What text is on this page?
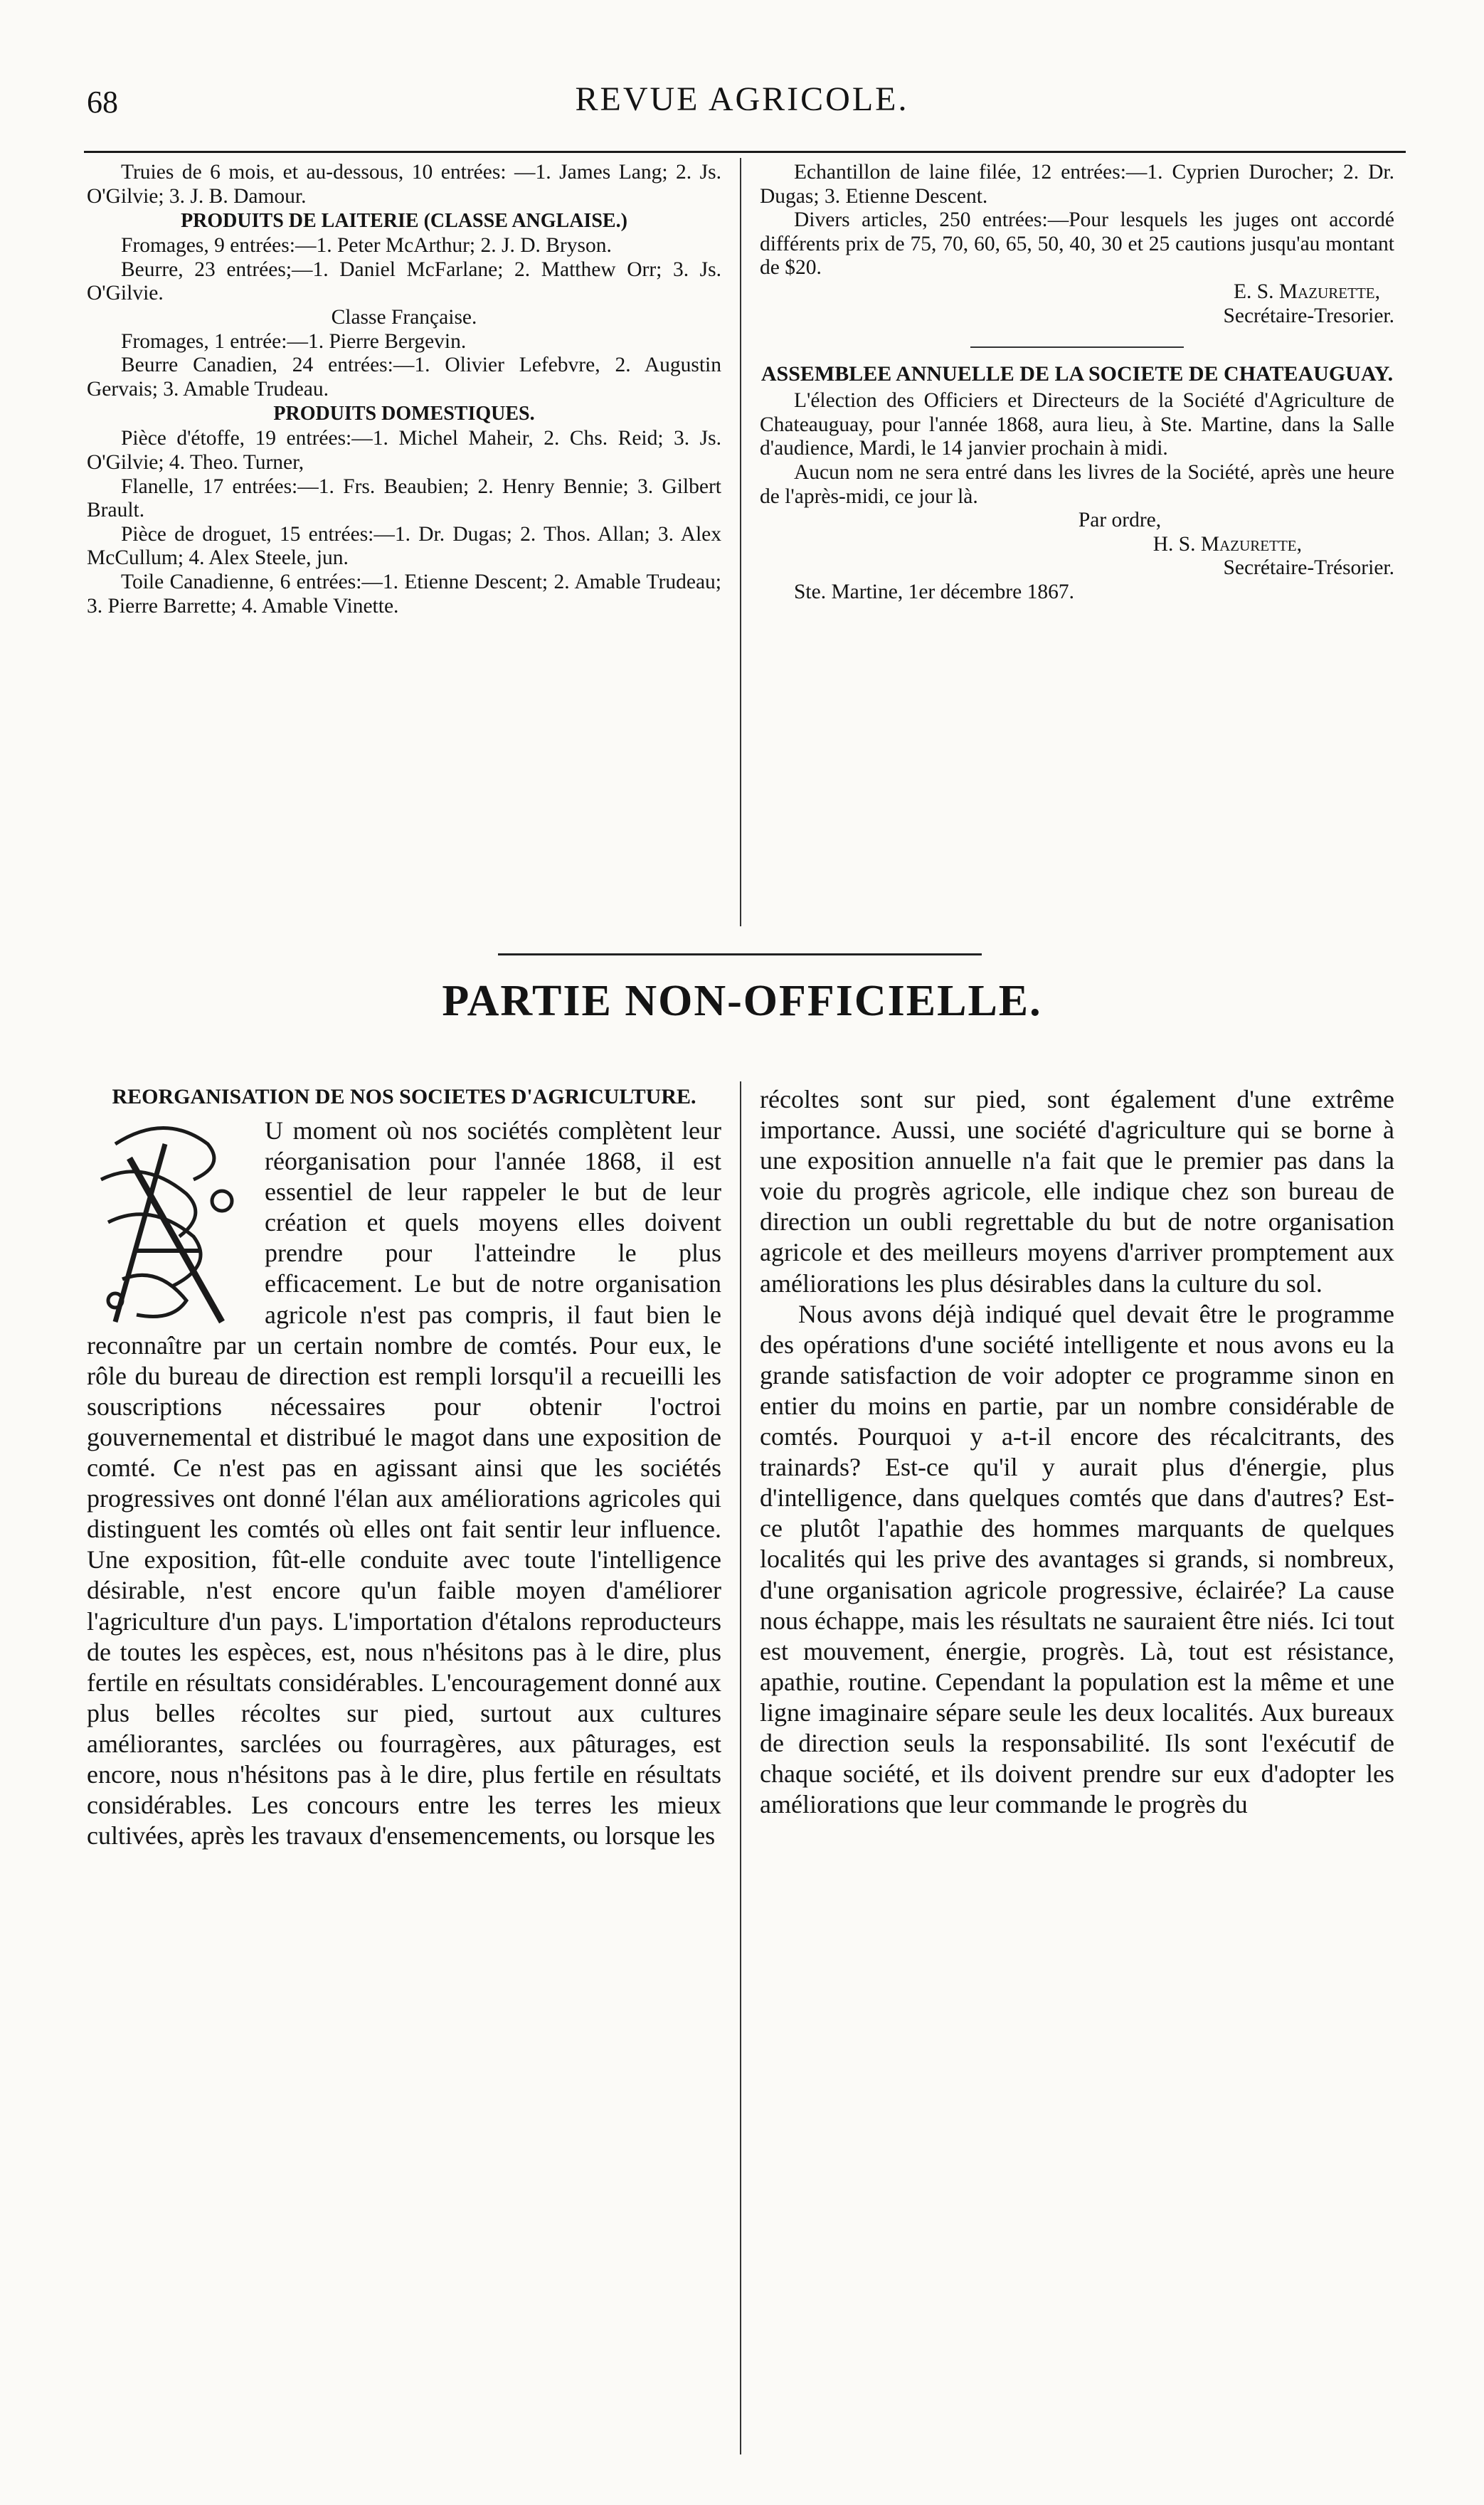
68	REVUE AGRICOLE.

Truies de 6 mois, et au-dessous, 10 entrées: —1. James Lang; 2. Js. O'Gilvie; 3. J. B. Damour.

PRODUITS DE LAITERIE (CLASSE ANGLAISE.)

Fromages, 9 entrées:—1. Peter McArthur; 2. J. D. Bryson.

Beurre, 23 entrées;—1. Daniel McFarlane; 2. Matthew Orr; 3. Js. O'Gilvie.

Classe Française.

Fromages, 1 entrée:—1. Pierre Bergevin.

Beurre Canadien, 24 entrées:—1. Olivier Lefebvre, 2. Augustin Gervais; 3. Amable Trudeau.

PRODUITS DOMESTIQUES.

Pièce d'étoffe, 19 entrées:—1. Michel Maheir, 2. Chs. Reid; 3. Js. O'Gilvie; 4. Theo. Turner,

Flanelle, 17 entrées:—1. Frs. Beaubien; 2. Henry Bennie; 3. Gilbert Brault.

Pièce de droguet, 15 entrées:—1. Dr. Dugas; 2. Thos. Allan; 3. Alex McCullum; 4. Alex Steele, jun.

Toile Canadienne, 6 entrées:—1. Etienne Descent; 2. Amable Trudeau; 3. Pierre Barrette; 4. Amable Vinette.

Echantillon de laine filée, 12 entrées:—1. Cyprien Durocher; 2. Dr. Dugas; 3. Etienne Descent.

Divers articles, 250 entrées:—Pour lesquels les juges ont accordé différents prix de 75, 70, 60, 65, 50, 40, 30 et 25 cautions jusqu'au montant de $20.

E. S. Mazurette,

Secrétaire-Tresorier.

ASSEMBLEE ANNUELLE DE LA SOCIETE DE CHATEAUGUAY.

L'élection des Officiers et Directeurs de la Société d'Agriculture de Chateauguay, pour l'année 1868, aura lieu, à Ste. Martine, dans la Salle d'audience, Mardi, le 14 janvier prochain à midi.

Aucun nom ne sera entré dans les livres de la Société, après une heure de l'après-midi, ce jour là.

Par ordre,

H. S. Mazurette,

Secrétaire-Trésorier.

Ste. Martine, 1er décembre 1867.

PARTIE NON-OFFICIELLE.
REORGANISATION DE NOS SOCIETES D'AGRICULTURE.

U moment où nos sociétés complètent leur réorganisation pour l'année 1868, il est essentiel de leur rappeler le but de leur création et quels moyens elles doivent prendre pour l'atteindre le plus efficacement. Le but de notre organisation agricole n'est pas compris, il faut bien le reconnaître par un certain nombre de comtés. Pour eux, le rôle du bureau de direction est rempli lorsqu'il a recueilli les souscriptions nécessaires pour obtenir l'octroi gouvernemental et distribué le magot dans une exposition de comté. Ce n'est pas en agissant ainsi que les sociétés progressives ont donné l'élan aux améliorations agricoles qui distinguent les comtés où elles ont fait sentir leur influence. Une exposition, fût-elle conduite avec toute l'intelligence désirable, n'est encore qu'un faible moyen d'améliorer l'agriculture d'un pays. L'importation d'étalons reproducteurs de toutes les espèces, est, nous n'hésitons pas à le dire, plus fertile en résultats considérables. L'encouragement donné aux plus belles récoltes sur pied, surtout aux cultures améliorantes, sarclées ou fourragères, aux pâturages, est encore, nous n'hésitons pas à le dire, plus fertile en résultats considérables. Les concours entre les terres les mieux cultivées, après les travaux d'ensemencements, ou lorsque les

récoltes sont sur pied, sont également d'une extrême importance. Aussi, une société d'agriculture qui se borne à une exposition annuelle n'a fait que le premier pas dans la voie du progrès agricole, elle indique chez son bureau de direction un oubli regrettable du but de notre organisation agricole et des meilleurs moyens d'arriver promptement aux améliorations les plus désirables dans la culture du sol.

Nous avons déjà indiqué quel devait être le programme des opérations d'une société intelligente et nous avons eu la grande satisfaction de voir adopter ce programme sinon en entier du moins en partie, par un nombre considérable de comtés. Pourquoi y a-t-il encore des récalcitrants, des trainards? Est-ce qu'il y aurait plus d'énergie, plus d'intelligence, dans quelques comtés que dans d'autres? Est-ce plutôt l'apathie des hommes marquants de quelques localités qui les prive des avantages si grands, si nombreux, d'une organisation agricole progressive, éclairée? La cause nous échappe, mais les résultats ne sauraient être niés. Ici tout est mouvement, énergie, progrès. Là, tout est résistance, apathie, routine. Cependant la population est la même et une ligne imaginaire sépare seule les deux localités. Aux bureaux de direction seuls la responsabilité. Ils sont l'exécutif de chaque société, et ils doivent prendre sur eux d'adopter les améliorations que leur commande le progrès du
